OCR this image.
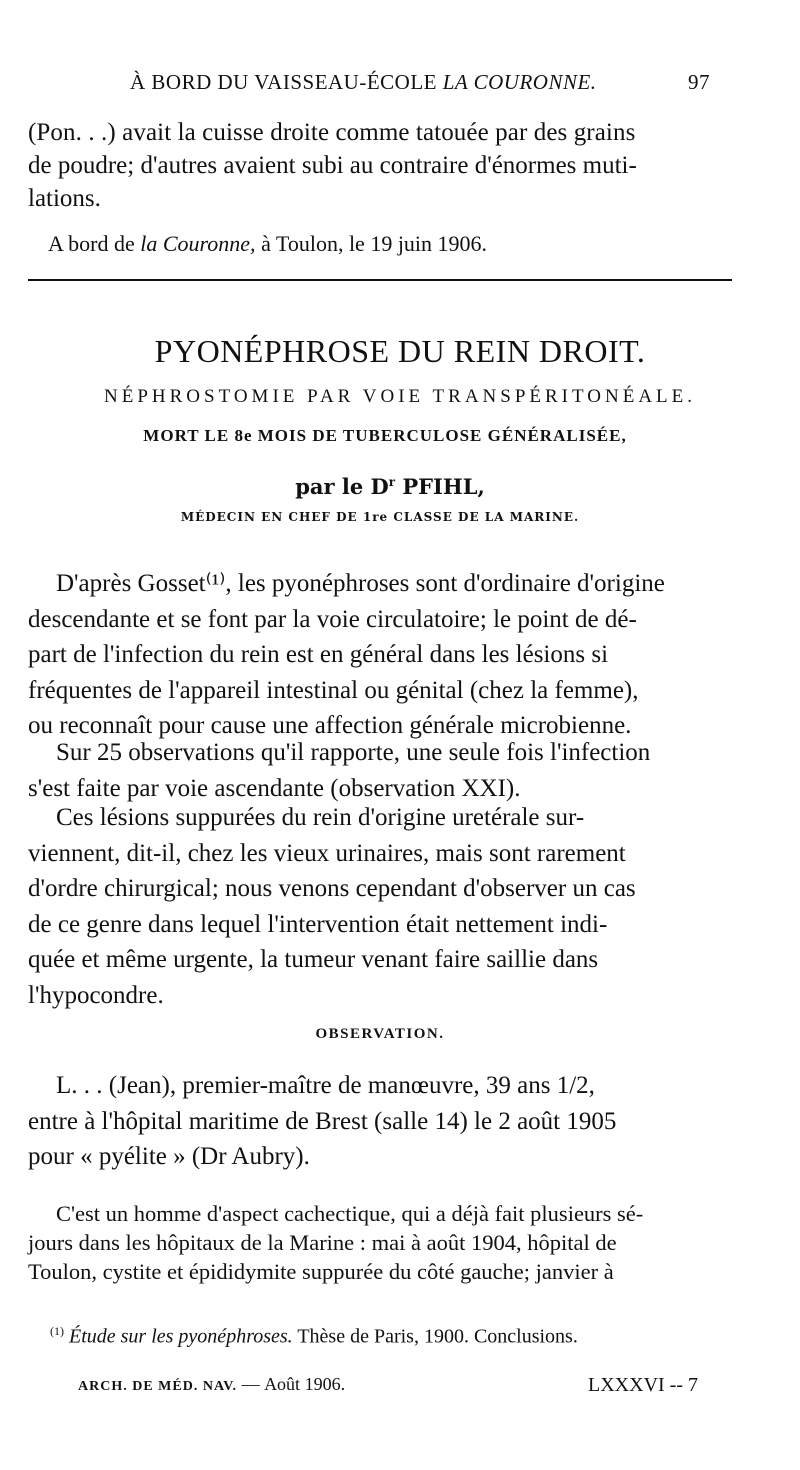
À BORD DU VAISSEAU-ÉCOLE LA COURONNE.	97
(Pon. . .) avait la cuisse droite comme tatouée par des grains
de poudre; d'autres avaient subi au contraire d'énormes muti-
lations.
A bord de la Couronne, à Toulon, le 19 juin 1906.
PYONÉPHROSE DU REIN DROIT.
NÉPHROSTOMIE PAR VOIE TRANSPÉRITONÉALE.
MORT LE 8e MOIS DE TUBERCULOSE GÉNÉRALISÉE,
par le $D^r$ PFIHL,
MÉDECIN EN CHEF DE 1re CLASSE DE LA MARINE.
D'après Gosset⁽¹⁾, les pyonéphroses sont d'ordinaire d'origine
descendante et se font par la voie circulatoire; le point de dé-
part de l'infection du rein est en général dans les lésions si
fréquentes de l'appareil intestinal ou génital (chez la femme),
ou reconnaît pour cause une affection générale microbienne.
Sur 25 observations qu'il rapporte, une seule fois l'infection
s'est faite par voie ascendante (observation XXI).
Ces lésions suppurées du rein d'origine uretérale sur-
viennent, dit-il, chez les vieux urinaires, mais sont rarement
d'ordre chirurgical; nous venons cependant d'observer un cas
de ce genre dans lequel l'intervention était nettement indi-
quée et même urgente, la tumeur venant faire saillie dans
l'hypocondre.
OBSERVATION.
L. . . (Jean), premier-maître de manœuvre, 39 ans 1/2,
entre à l'hôpital maritime de Brest (salle 14) le 2 août 1905
pour « pyélite » (Dr Aubry).
C'est un homme d'aspect cachectique, qui a déjà fait plusieurs sé-
jours dans les hôpitaux de la Marine : mai à août 1904, hôpital de
Toulon, cystite et épididymite suppurée du côté gauche; janvier à
$^{(1)}$ Étude sur les pyonéphroses. Thèse de Paris, 1900. Conclusions.
ARCH. DE MÉD. NAV. — Août 1906.	LXXXVI -- 7
